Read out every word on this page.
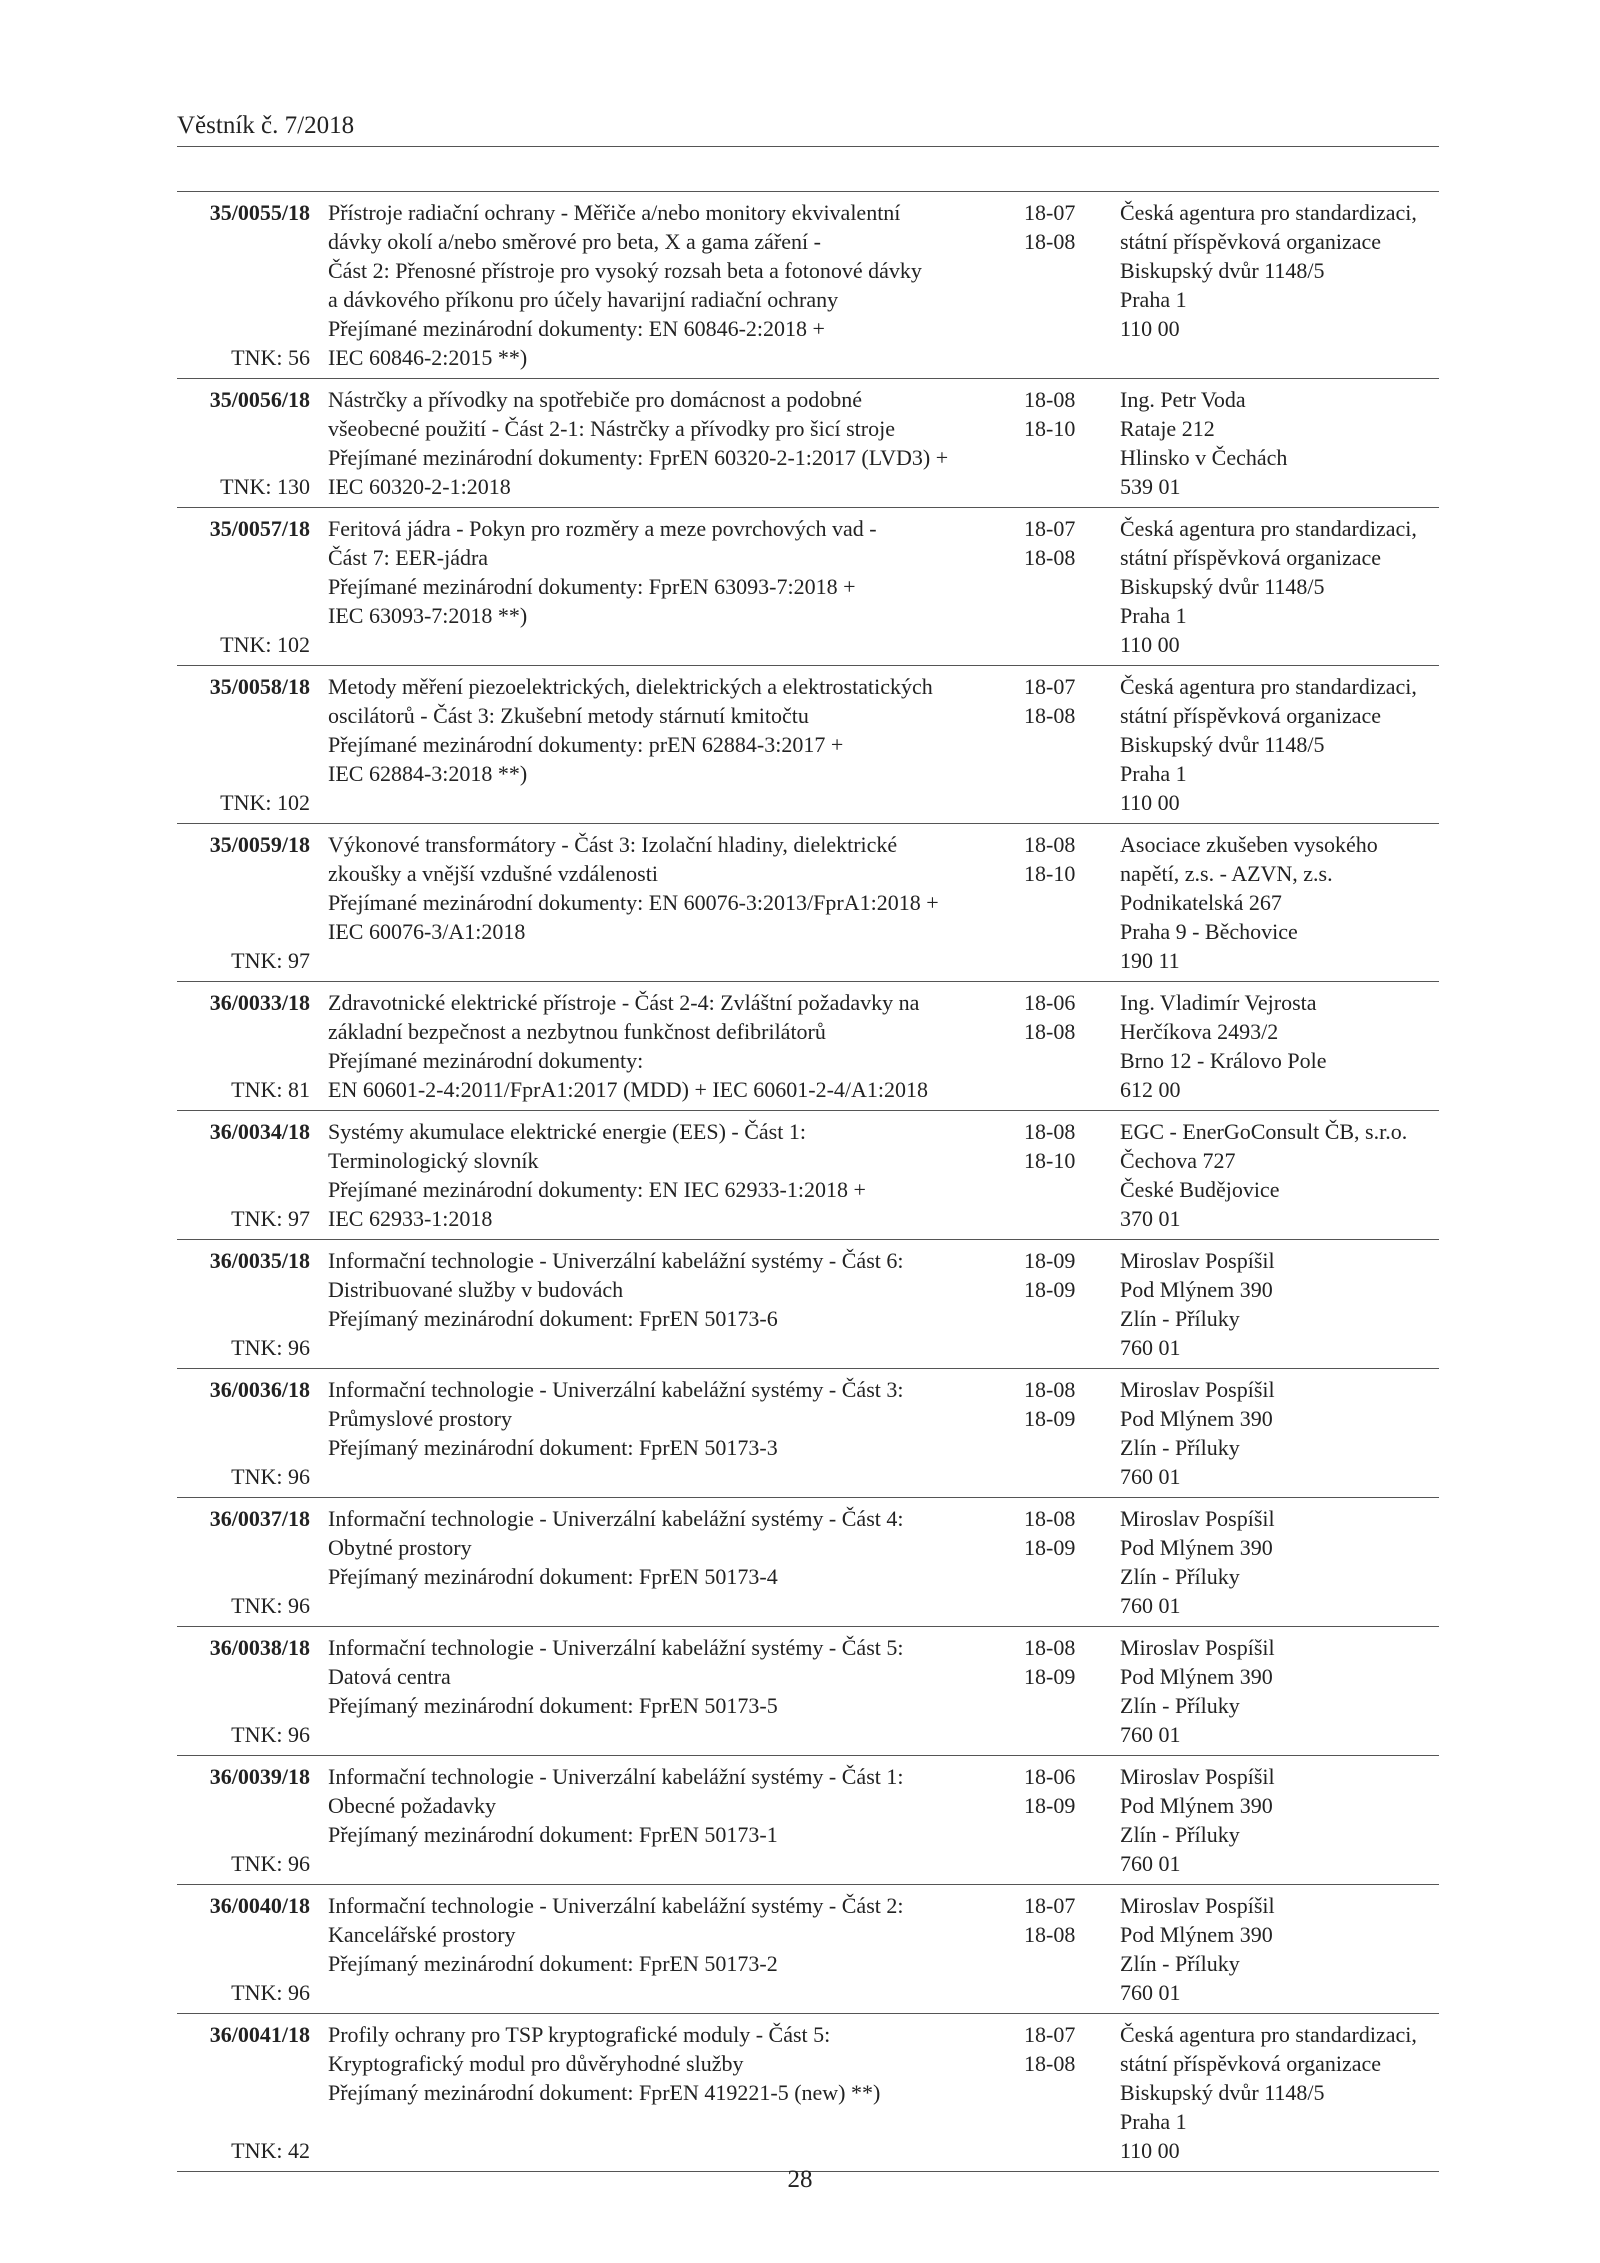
Věstník č. 7/2018
35/0055/18
TNK: 56
Přístroje radiační ochrany - Měřiče a/nebo monitory ekvivalentní
dávky okolí a/nebo směrové pro beta, X a gama záření -
Část 2: Přenosné přístroje pro vysoký rozsah beta a fotonové dávky
a dávkového příkonu pro účely havarijní radiační ochrany
Přejímané mezinárodní dokumenty: EN 60846-2:2018 +
IEC 60846-2:2015 **)
18-07
18-08
Česká agentura pro standardizaci,
státní příspěvková organizace
Biskupský dvůr 1148/5
Praha 1
110 00
35/0056/18
TNK: 130
Nástrčky a přívodky na spotřebiče pro domácnost a podobné
všeobecné použití - Část 2-1: Nástrčky a přívodky pro šicí stroje
Přejímané mezinárodní dokumenty: FprEN 60320-2-1:2017 (LVD3) +
IEC 60320-2-1:2018
18-08
18-10
Ing. Petr Voda
Rataje 212
Hlinsko v Čechách
539 01
35/0057/18
TNK: 102
Feritová jádra - Pokyn pro rozměry a meze povrchových vad -
Část 7: EER-jádra
Přejímané mezinárodní dokumenty: FprEN 63093-7:2018 +
IEC 63093-7:2018 **)
18-07
18-08
Česká agentura pro standardizaci,
státní příspěvková organizace
Biskupský dvůr 1148/5
Praha 1
110 00
35/0058/18
TNK: 102
Metody měření piezoelektrických, dielektrických a elektrostatických
oscilátorů - Část 3: Zkušební metody stárnutí kmitočtu
Přejímané mezinárodní dokumenty: prEN 62884-3:2017 +
IEC 62884-3:2018 **)
18-07
18-08
Česká agentura pro standardizaci,
státní příspěvková organizace
Biskupský dvůr 1148/5
Praha 1
110 00
35/0059/18
TNK: 97
Výkonové transformátory - Část 3: Izolační hladiny, dielektrické
zkoušky a vnější vzdušné vzdálenosti
Přejímané mezinárodní dokumenty: EN 60076-3:2013/FprA1:2018 +
IEC 60076-3/A1:2018
18-08
18-10
Asociace zkušeben vysokého
napětí, z.s. - AZVN, z.s.
Podnikatelská 267
Praha 9 - Běchovice
190 11
36/0033/18
TNK: 81
Zdravotnické elektrické přístroje - Část 2-4: Zvláštní požadavky na
základní bezpečnost a nezbytnou funkčnost defibrilátorů
Přejímané mezinárodní dokumenty:
EN 60601-2-4:2011/FprA1:2017 (MDD) + IEC 60601-2-4/A1:2018
18-06
18-08
Ing. Vladimír Vejrosta
Herčíkova 2493/2
Brno 12 - Královo Pole
612 00
36/0034/18
TNK: 97
Systémy akumulace elektrické energie (EES) - Část 1:
Terminologický slovník
Přejímané mezinárodní dokumenty: EN IEC 62933-1:2018 +
IEC 62933-1:2018
18-08
18-10
EGC - EnerGoConsult ČB, s.r.o.
Čechova 727
České Budějovice
370 01
36/0035/18
TNK: 96
Informační technologie - Univerzální kabelážní systémy - Část 6:
Distribuované služby v budovách
Přejímaný mezinárodní dokument: FprEN 50173-6
18-09
18-09
Miroslav Pospíšil
Pod Mlýnem 390
Zlín - Příluky
760 01
36/0036/18
TNK: 96
Informační technologie - Univerzální kabelážní systémy - Část 3:
Průmyslové prostory
Přejímaný mezinárodní dokument: FprEN 50173-3
18-08
18-09
Miroslav Pospíšil
Pod Mlýnem 390
Zlín - Příluky
760 01
36/0037/18
TNK: 96
Informační technologie - Univerzální kabelážní systémy - Část 4:
Obytné prostory
Přejímaný mezinárodní dokument: FprEN 50173-4
18-08
18-09
Miroslav Pospíšil
Pod Mlýnem 390
Zlín - Příluky
760 01
36/0038/18
TNK: 96
Informační technologie - Univerzální kabelážní systémy - Část 5:
Datová centra
Přejímaný mezinárodní dokument: FprEN 50173-5
18-08
18-09
Miroslav Pospíšil
Pod Mlýnem 390
Zlín - Příluky
760 01
36/0039/18
TNK: 96
Informační technologie - Univerzální kabelážní systémy - Část 1:
Obecné požadavky
Přejímaný mezinárodní dokument: FprEN 50173-1
18-06
18-09
Miroslav Pospíšil
Pod Mlýnem 390
Zlín - Příluky
760 01
36/0040/18
TNK: 96
Informační technologie - Univerzální kabelážní systémy - Část 2:
Kancelářské prostory
Přejímaný mezinárodní dokument: FprEN 50173-2
18-07
18-08
Miroslav Pospíšil
Pod Mlýnem 390
Zlín - Příluky
760 01
36/0041/18
TNK: 42
Profily ochrany pro TSP kryptografické moduly - Část 5:
Kryptografický modul pro důvěryhodné služby
Přejímaný mezinárodní dokument: FprEN 419221-5 (new) **)
18-07
18-08
Česká agentura pro standardizaci,
státní příspěvková organizace
Biskupský dvůr 1148/5
Praha 1
110 00
28
